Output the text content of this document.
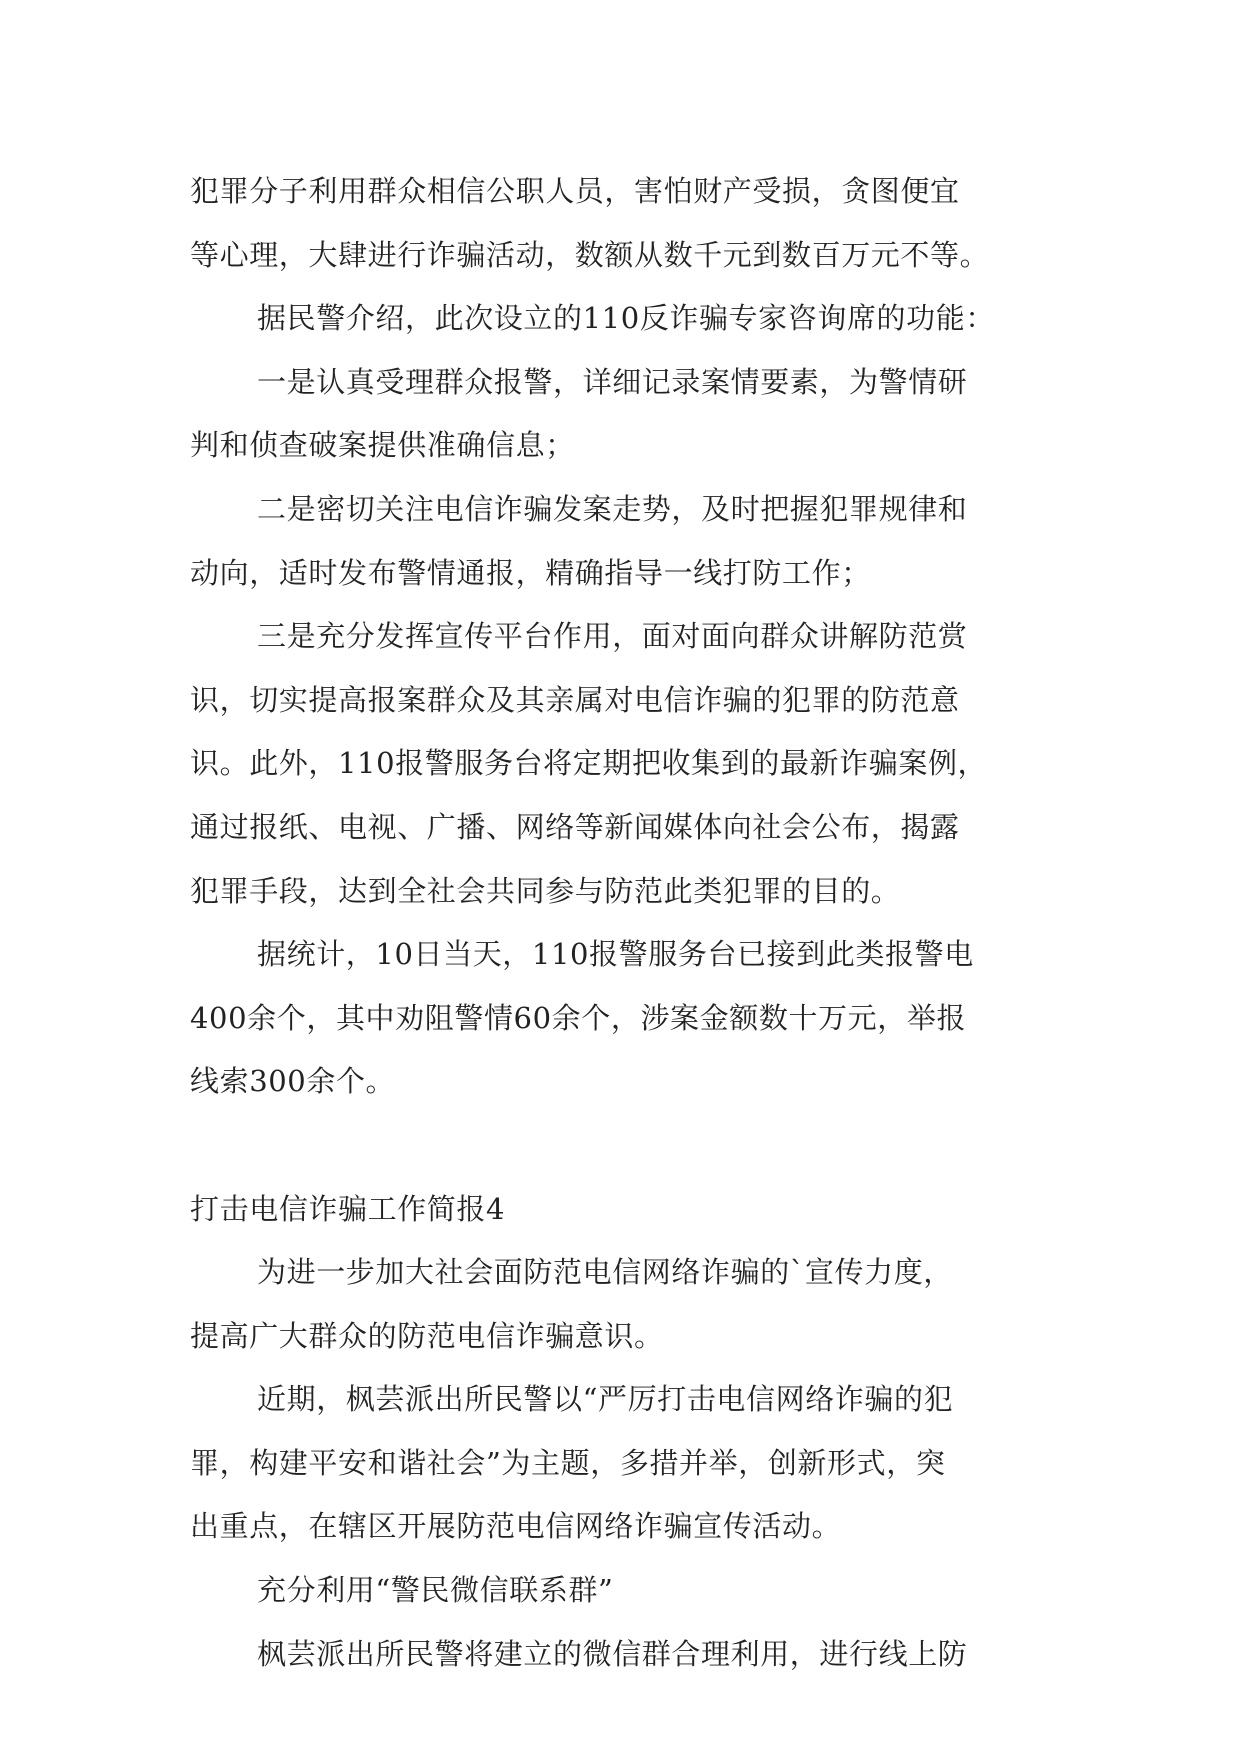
犯罪分子利用群众相信公职人员，害怕财产受损，贪图便宜
等心理，大肆进行诈骗活动，数额从数千元到数百万元不等。
据民警介绍，此次设立的110反诈骗专家咨询席的功能：
一是认真受理群众报警，详细记录案情要素，为警情研
判和侦查破案提供准确信息；
二是密切关注电信诈骗发案走势，及时把握犯罪规律和
动向，适时发布警情通报，精确指导一线打防工作；
三是充分发挥宣传平台作用，面对面向群众讲解防范赏
识，切实提高报案群众及其亲属对电信诈骗的犯罪的防范意
识。此外，110报警服务台将定期把收集到的最新诈骗案例，
通过报纸、电视、广播、网络等新闻媒体向社会公布，揭露
犯罪手段，达到全社会共同参与防范此类犯罪的目的。
据统计，10日当天，110报警服务台已接到此类报警电
400余个，其中劝阻警情60余个，涉案金额数十万元，举报
线索300余个。
打击电信诈骗工作简报4
为进一步加大社会面防范电信网络诈骗的`宣传力度，
提高广大群众的防范电信诈骗意识。
近期，枫芸派出所民警以“严厉打击电信网络诈骗的犯
罪，构建平安和谐社会”为主题，多措并举，创新形式，突
出重点，在辖区开展防范电信网络诈骗宣传活动。
充分利用“警民微信联系群”
枫芸派出所民警将建立的微信群合理利用，进行线上防
